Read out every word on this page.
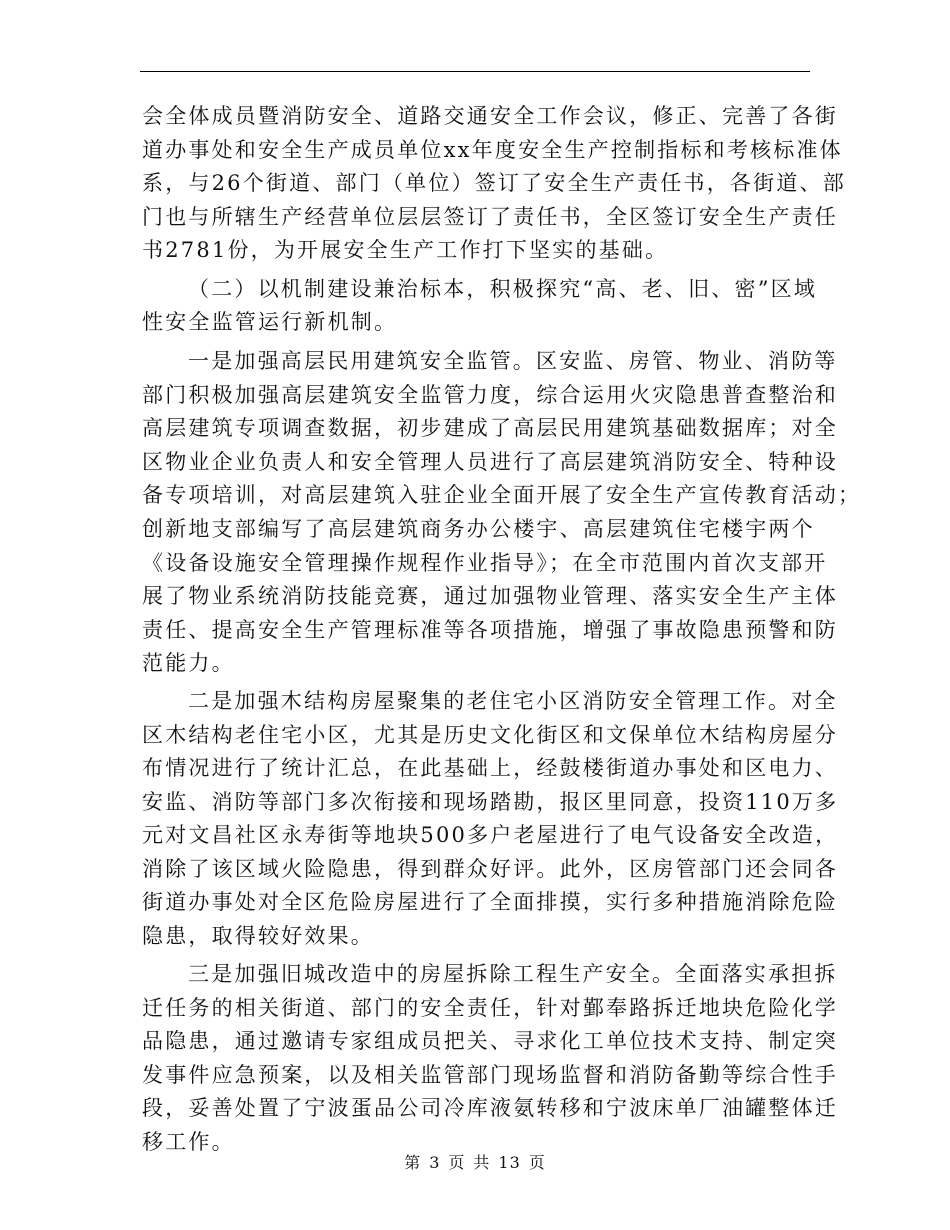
会全体成员暨消防安全、道路交通安全工作会议，修正、完善了各街
道办事处和安全生产成员单位xx年度安全生产控制指标和考核标准体
系，与26个街道、部门（单位）签订了安全生产责任书，各街道、部
门也与所辖生产经营单位层层签订了责任书，全区签订安全生产责任
书2781份，为开展安全生产工作打下坚实的基础。
（二）以机制建设兼治标本，积极探究“高、老、旧、密”区域
性安全监管运行新机制。
一是加强高层民用建筑安全监管。区安监、房管、物业、消防等
部门积极加强高层建筑安全监管力度，综合运用火灾隐患普查整治和
高层建筑专项调查数据，初步建成了高层民用建筑基础数据库；对全
区物业企业负责人和安全管理人员进行了高层建筑消防安全、特种设
备专项培训，对高层建筑入驻企业全面开展了安全生产宣传教育活动；
创新地支部编写了高层建筑商务办公楼宇、高层建筑住宅楼宇两个
《设备设施安全管理操作规程作业指导》；在全市范围内首次支部开
展了物业系统消防技能竞赛，通过加强物业管理、落实安全生产主体
责任、提高安全生产管理标准等各项措施，增强了事故隐患预警和防
范能力。
二是加强木结构房屋聚集的老住宅小区消防安全管理工作。对全
区木结构老住宅小区，尤其是历史文化街区和文保单位木结构房屋分
布情况进行了统计汇总，在此基础上，经鼓楼街道办事处和区电力、
安监、消防等部门多次衔接和现场踏勘，报区里同意，投资110万多
元对文昌社区永寿街等地块500多户老屋进行了电气设备安全改造，
消除了该区域火险隐患，得到群众好评。此外，区房管部门还会同各
街道办事处对全区危险房屋进行了全面排摸，实行多种措施消除危险
隐患，取得较好效果。
三是加强旧城改造中的房屋拆除工程生产安全。全面落实承担拆
迁任务的相关街道、部门的安全责任，针对鄞奉路拆迁地块危险化学
品隐患，通过邀请专家组成员把关、寻求化工单位技术支持、制定突
发事件应急预案，以及相关监管部门现场监督和消防备勤等综合性手
段，妥善处置了宁波蛋品公司冷库液氨转移和宁波床单厂油罐整体迁
移工作。
第 3 页 共 13 页
